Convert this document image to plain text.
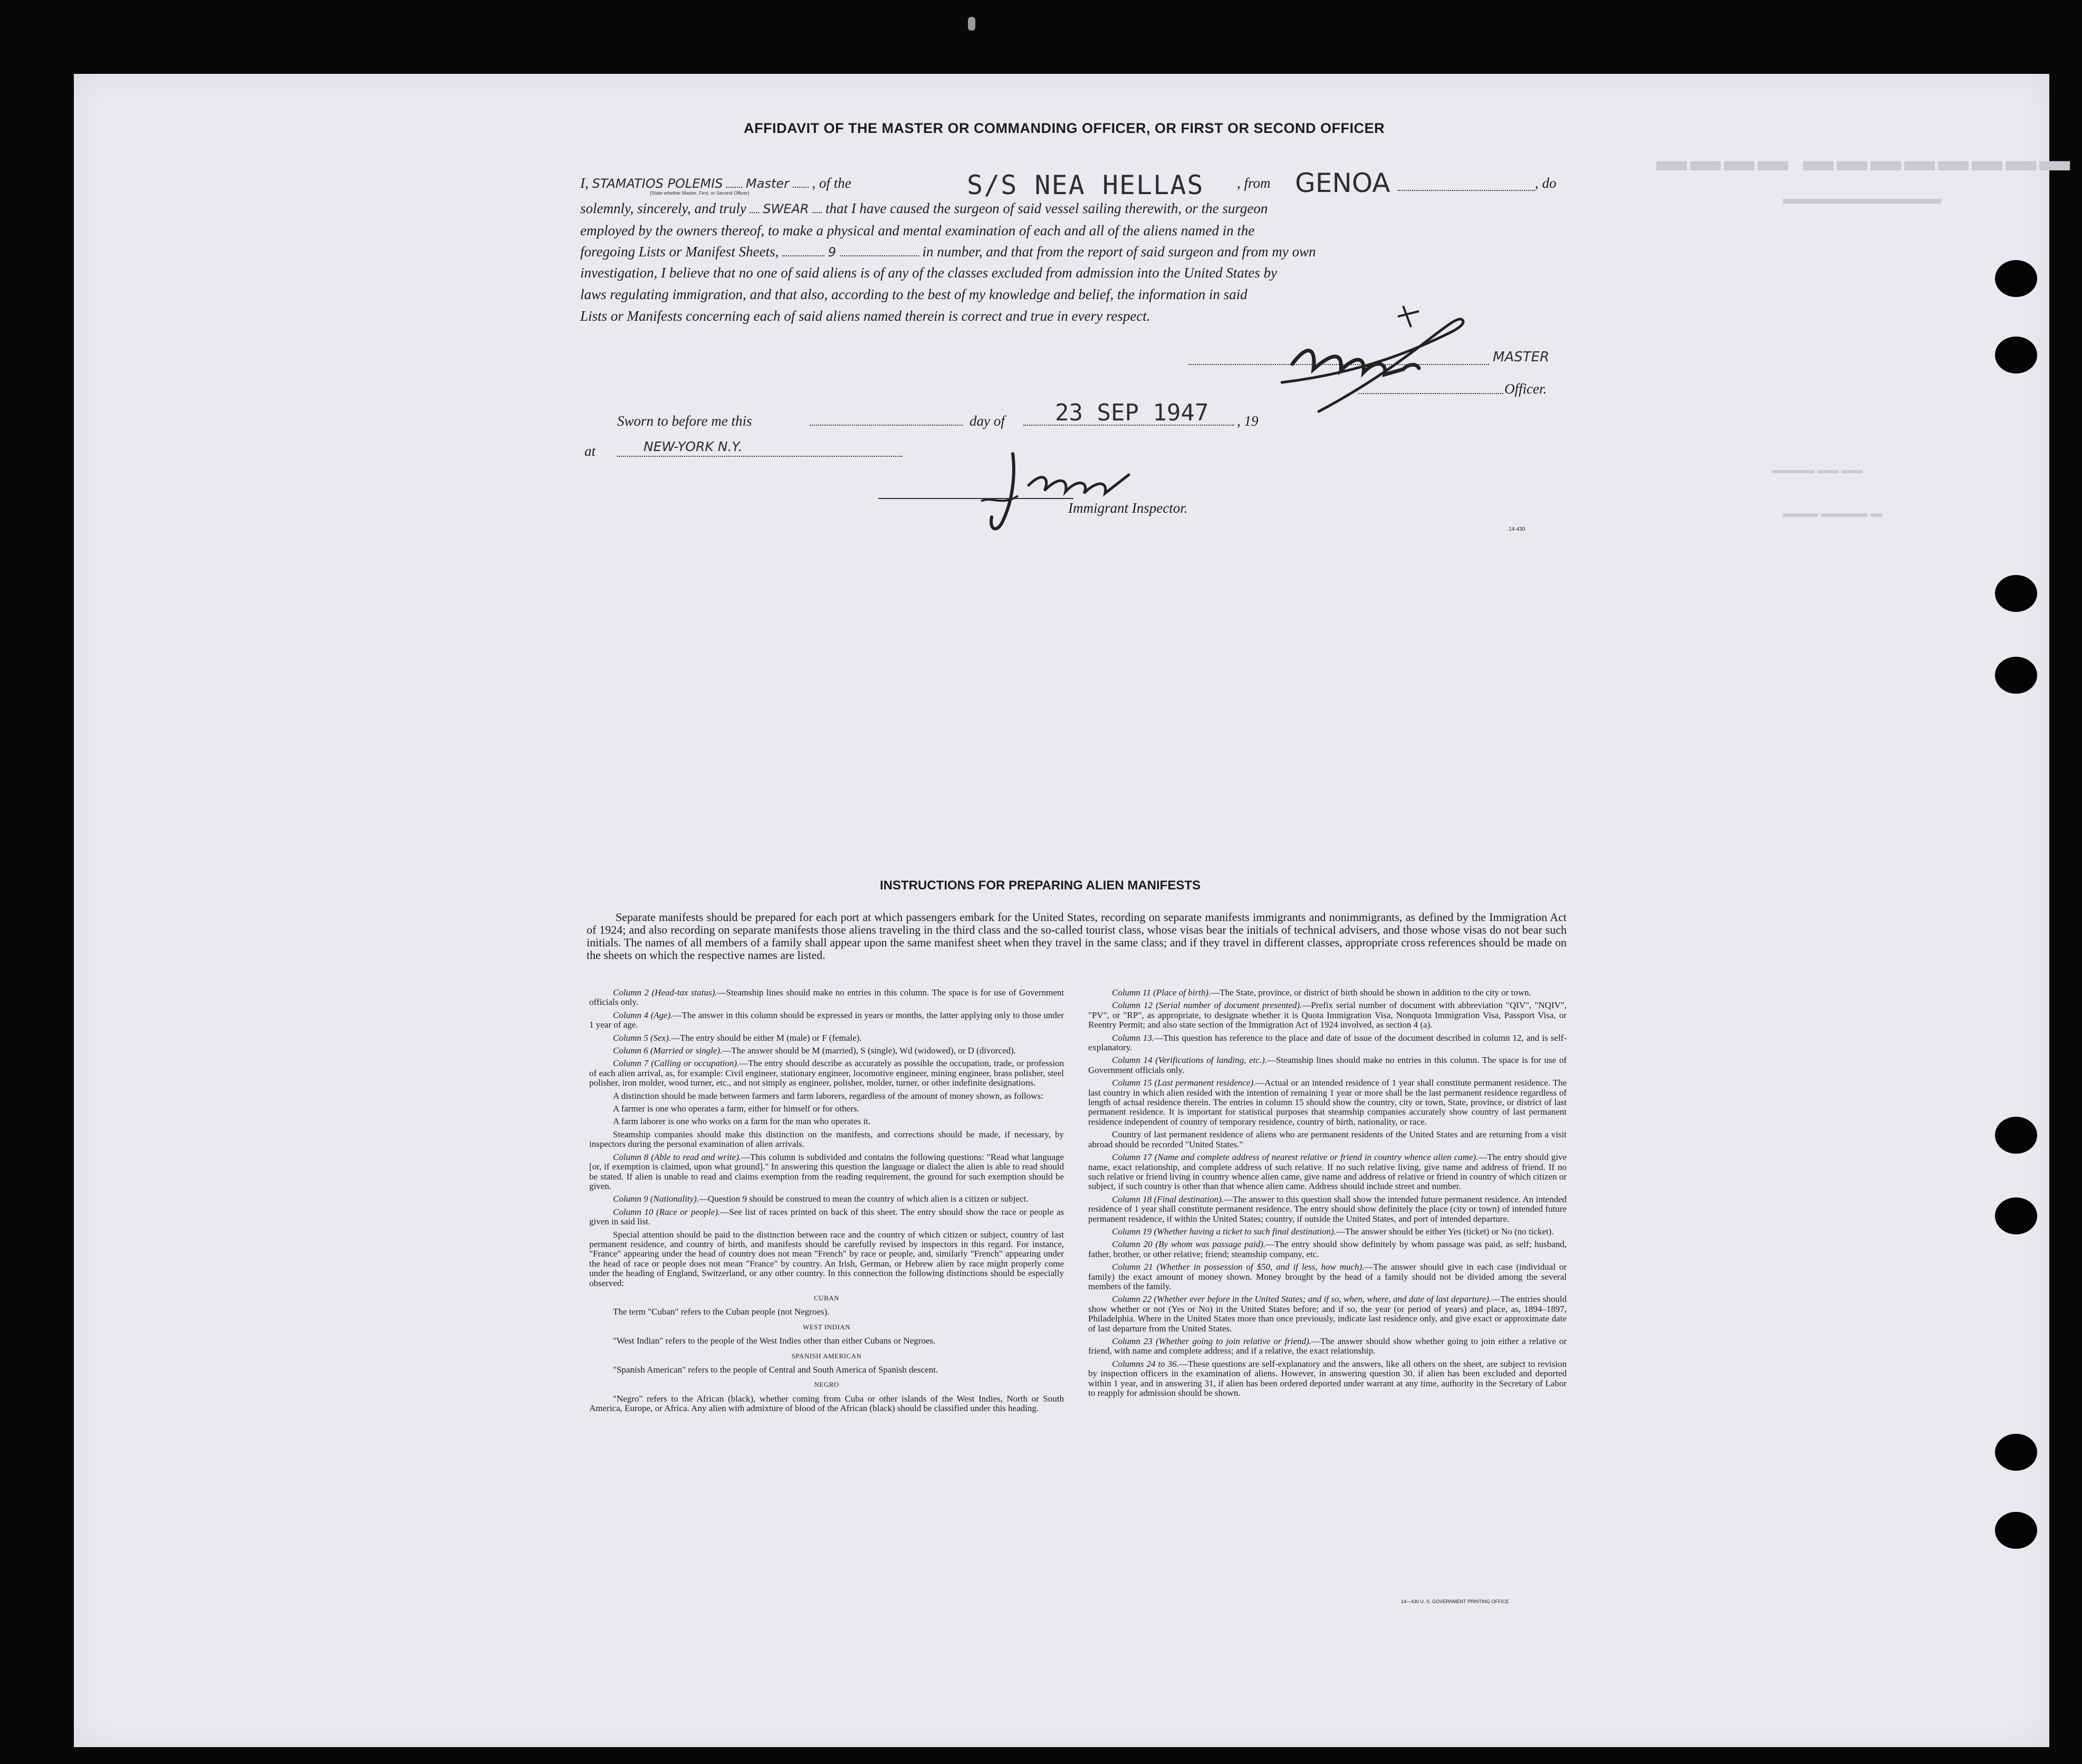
▬▬▬▬ ▬▬▬▬▬▬▬▬
▬▬▬▬▬▬▬▬▬▬
▬▬▬▬ ▬▬ ▬▬
▬▬▬ ▬▬▬▬ ▬
AFFIDAVIT OF THE MASTER OR COMMANDING OFFICER, OR FIRST OR SECOND OFFICER
I, STAMATIOS POLEMIS Master , of the	S/S NEA HELLAS , from GENOA	, do
(State whether Master, First, or Second Officer)
solemnly, sincerely, and truly SWEAR that I have caused the surgeon of said vessel sailing therewith, or the surgeon
employed by the owners thereof, to make a physical and mental examination of each and all of the aliens named in the
foregoing Lists or Manifest Sheets,	9	in number, and that from the report of said surgeon and from my own
investigation, I believe that no one of said aliens is of any of the classes excluded from admission into the United States by
laws regulating immigration, and that also, according to the best of my knowledge and belief, the information in said
Lists or Manifests concerning each of said aliens named therein is correct and true in every respect.
MASTER
Officer.
Sworn to before me this	day of 23 SEP 1947 , 19
at	NEW-YORK N.Y.
Immigrant Inspector.
14-430
INSTRUCTIONS FOR PREPARING ALIEN MANIFESTS
Separate manifests should be prepared for each port at which passengers embark for the United States, recording on separate manifests immigrants and nonimmigrants, as defined by the Immigration Act of 1924; and also recording on separate manifests those aliens traveling in the third class and the so-called tourist class, whose visas bear the initials of technical advisers, and those whose visas do not bear such initials. The names of all members of a family shall appear upon the same manifest sheet when they travel in the same class; and if they travel in different classes, appropriate cross references should be made on the sheets on which the respective names are listed.

Column 2 (Head-tax status).—Steamship lines should make no entries in this column. The space is for use of Government officials only.

Column 4 (Age).—The answer in this column should be expressed in years or months, the latter applying only to those under 1 year of age.

Column 5 (Sex).—The entry should be either M (male) or F (female).

Column 6 (Married or single).—The answer should be M (married), S (single), Wd (widowed), or D (divorced).

Column 7 (Calling or occupation).—The entry should describe as accurately as possible the occupation, trade, or profession of each alien arrival, as, for example: Civil engineer, stationary engineer, locomotive engineer, mining engineer, brass polisher, steel polisher, iron molder, wood turner, etc., and not simply as engineer, polisher, molder, turner, or other indefinite designations.

A distinction should be made between farmers and farm laborers, regardless of the amount of money shown, as follows:

A farmer is one who operates a farm, either for himself or for others.

A farm laborer is one who works on a farm for the man who operates it.

Steamship companies should make this distinction on the manifests, and corrections should be made, if necessary, by inspectors during the personal examination of alien arrivals.

Column 8 (Able to read and write).—This column is subdivided and contains the following questions: "Read what language [or, if exemption is claimed, upon what ground]." In answering this question the language or dialect the alien is able to read should be stated. If alien is unable to read and claims exemption from the reading requirement, the ground for such exemption should be given.

Column 9 (Nationality).—Question 9 should be construed to mean the country of which alien is a citizen or subject.

Column 10 (Race or people).—See list of races printed on back of this sheet. The entry should show the race or people as given in said list.

Special attention should be paid to the distinction between race and the country of which citizen or subject, country of last permanent residence, and country of birth, and manifests should be carefully revised by inspectors in this regard. For instance, "France" appearing under the head of country does not mean "French" by race or people, and, similarly "French" appearing under the head of race or people does not mean "France" by country. An Irish, German, or Hebrew alien by race might properly come under the heading of England, Switzerland, or any other country. In this connection the following distinctions should be especially observed:

CUBAN

The term "Cuban" refers to the Cuban people (not Negroes).

WEST INDIAN

"West Indian" refers to the people of the West Indies other than either Cubans or Negroes.

SPANISH AMERICAN

"Spanish American" refers to the people of Central and South America of Spanish descent.

NEGRO

"Negro" refers to the African (black), whether coming from Cuba or other islands of the West Indies, North or South America, Europe, or Africa. Any alien with admixture of blood of the African (black) should be classified under this heading.

Column 11 (Place of birth).—The State, province, or district of birth should be shown in addition to the city or town.

Column 12 (Serial number of document presented).—Prefix serial number of document with abbreviation "QIV", "NQIV", "PV", or "RP", as appropriate, to designate whether it is Quota Immigration Visa, Nonquota Immigration Visa, Passport Visa, or Reentry Permit; and also state section of the Immigration Act of 1924 involved, as section 4 (a).

Column 13.—This question has reference to the place and date of issue of the document described in column 12, and is self-explanatory.

Column 14 (Verifications of landing, etc.).—Steamship lines should make no entries in this column. The space is for use of Government officials only.

Column 15 (Last permanent residence).—Actual or an intended residence of 1 year shall constitute permanent residence. The last country in which alien resided with the intention of remaining 1 year or more shall be the last permanent residence regardless of length of actual residence therein. The entries in column 15 should show the country, city or town, State, province, or district of last permanent residence. It is important for statistical purposes that steamship companies accurately show country of last permanent residence independent of country of temporary residence, country of birth, nationality, or race.

Country of last permanent residence of aliens who are permanent residents of the United States and are returning from a visit abroad should be recorded "United States."

Column 17 (Name and complete address of nearest relative or friend in country whence alien came).—The entry should give name, exact relationship, and complete address of such relative. If no such relative living, give name and address of friend. If no such relative or friend living in country whence alien came, give name and address of relative or friend in country of which citizen or subject, if such country is other than that whence alien came. Address should include street and number.

Column 18 (Final destination).—The answer to this question shall show the intended future permanent residence. An intended residence of 1 year shall constitute permanent residence. The entry should show definitely the place (city or town) of intended future permanent residence, if within the United States; country, if outside the United States, and port of intended departure.

Column 19 (Whether having a ticket to such final destination).—The answer should be either Yes (ticket) or No (no ticket).

Column 20 (By whom was passage paid).—The entry should show definitely by whom passage was paid, as self; husband, father, brother, or other relative; friend; steamship company, etc.

Column 21 (Whether in possession of $50, and if less, how much).—The answer should give in each case (individual or family) the exact amount of money shown. Money brought by the head of a family should not be divided among the several members of the family.

Column 22 (Whether ever before in the United States; and if so, when, where, and date of last departure).—The entries should show whether or not (Yes or No) in the United States before; and if so, the year (or period of years) and place, as, 1894–1897, Philadelphia. Where in the United States more than once previously, indicate last residence only, and give exact or approximate date of last departure from the United States.

Column 23 (Whether going to join relative or friend).—The answer should show whether going to join either a relative or friend, with name and complete address; and if a relative, the exact relationship.

Columns 24 to 36.—These questions are self-explanatory and the answers, like all others on the sheet, are subject to revision by inspection officers in the examination of aliens. However, in answering question 30, if alien has been excluded and deported within 1 year, and in answering 31, if alien has been ordered deported under warrant at any time, authority in the Secretary of Labor to reapply for admission should be shown.

14—430 U. S. GOVERNMENT PRINTING OFFICE
